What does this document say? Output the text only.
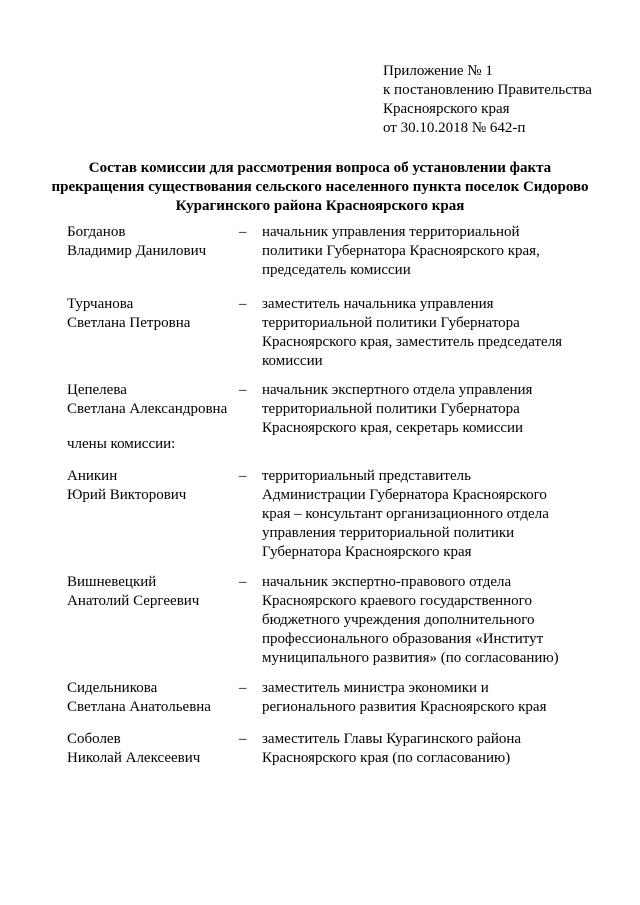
Приложение № 1
к постановлению Правительства
Красноярского края
от 30.10.2018 № 642-п
Состав комиссии для рассмотрения вопроса об установлении факта
прекращения существования сельского населенного пункта поселок Сидорово
Курагинского района Красноярского края
Богданов
Владимир Данилович
– начальник управления территориальной
политики Губернатора Красноярского края,
председатель комиссии
Турчанова
Светлана Петровна
– заместитель начальника управления
территориальной политики Губернатора
Красноярского края, заместитель председателя
комиссии
Цепелева
Светлана Александровна
– начальник экспертного отдела управления
территориальной политики Губернатора
Красноярского края, секретарь комиссии
члены комиссии:
Аникин
Юрий Викторович
– территориальный представитель
Администрации Губернатора Красноярского
края – консультант организационного отдела
управления территориальной политики
Губернатора Красноярского края
Вишневецкий
Анатолий Сергеевич
– начальник экспертно-правового отдела
Красноярского краевого государственного
бюджетного учреждения дополнительного
профессионального образования «Институт
муниципального развития» (по согласованию)
Сидельникова
Светлана Анатольевна
– заместитель министра экономики и
регионального развития Красноярского края
Соболев
Николай Алексеевич
– заместитель Главы Курагинского района
Красноярского края (по согласованию)
